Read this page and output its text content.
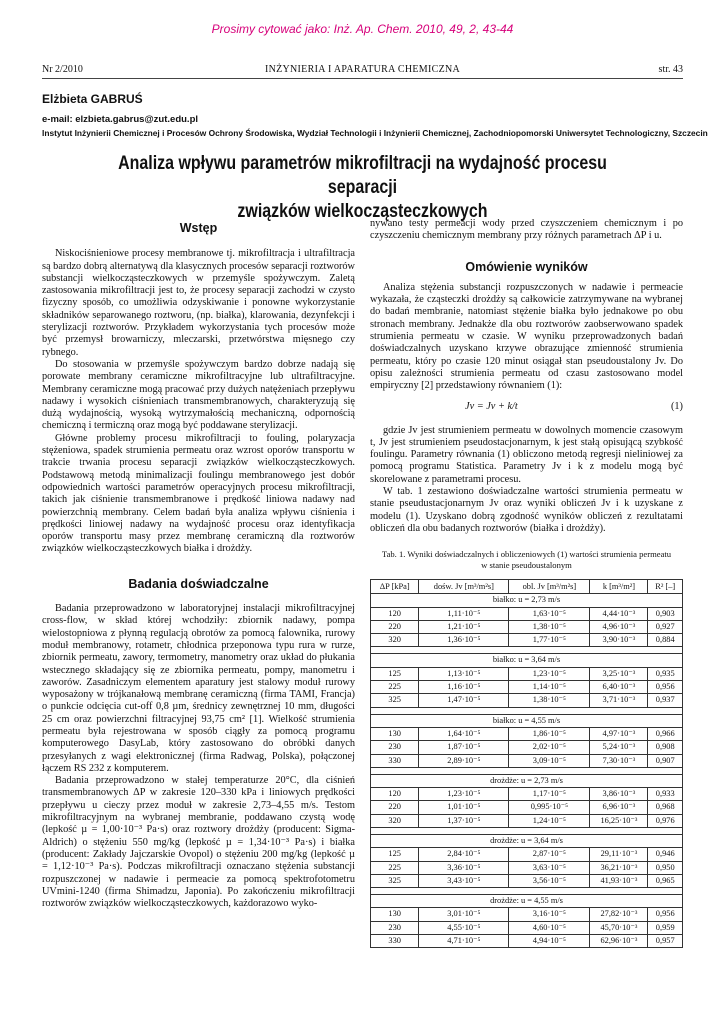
Prosimy cytować jako: Inż. Ap. Chem. 2010, 49, 2, 43-44
Nr 2/2010	INŻYNIERIA I APARATURA CHEMICZNA	str. 43
Elżbieta GABRUŚ
e-mail: elzbieta.gabrus@zut.edu.pl
Instytut Inżynierii Chemicznej i Procesów Ochrony Środowiska, Wydział Technologii i Inżynierii Chemicznej, Zachodniopomorski Uniwersytet Technologiczny, Szczecin
Analiza wpływu parametrów mikrofiltracji na wydajność procesu separacji
związków wielkocząsteczkowych
Wstęp

Niskociśnieniowe procesy membranowe tj. mikrofiltracja i ultrafiltracja są bardzo dobrą alternatywą dla klasycznych procesów separacji roztworów substancji wielkocząsteczkowych w przemyśle spożywczym. Zaletą zastosowania mikrofiltracji jest to, że procesy separacji zachodzi w czysto fizyczny sposób, co umożliwia odzyskiwanie i ponowne wykorzystanie składników separowanego roztworu, (np. białka), klarowania, dezynfekcji i sterylizacji roztworów. Przykładem wykorzystania tych procesów może być przemysł browarniczy, mleczarski, przetwórstwa mięsnego czy rybnego.

Do stosowania w przemyśle spożywczym bardzo dobrze nadają się porowate membrany ceramiczne mikrofiltracyjne lub ultrafiltracyjne. Membrany ceramiczne mogą pracować przy dużych natężeniach przepływu nadawy i wysokich ciśnieniach transmembranowych, charakteryzują się dużą wydajnością, wysoką wytrzymałością mechaniczną, odpornością chemiczną i termiczną oraz mogą być poddawane sterylizacji.

Główne problemy procesu mikrofiltracji to fouling, polaryzacja stężeniowa, spadek strumienia permeatu oraz wzrost oporów transportu w trakcie trwania procesu separacji związków wielkocząsteczkowych. Podstawową metodą minimalizacji foulingu membranowego jest dobór odpowiednich wartości parametrów operacyjnych procesu mikrofiltracji, takich jak ciśnienie transmembranowe i prędkość liniowa nadawy nad powierzchnią membrany. Celem badań była analiza wpływu ciśnienia i prędkości liniowej nadawy na wydajność procesu oraz identyfikacja oporów transportu masy przez membranę ceramiczną dla roztworów związków wielkocząsteczkowych białka i drożdży.

Badania doświadczalne

Badania przeprowadzono w laboratoryjnej instalacji mikrofiltracyjnej cross-flow, w skład której wchodziły: zbiornik nadawy, pompa wielostopniowa z płynną regulacją obrotów za pomocą falownika, rurowy moduł membranowy, rotametr, chłodnica przeponowa typu rura w rurze, zbiornik permeatu, zawory, termometry, manometry oraz układ do płukania wstecznego składający się ze zbiornika permeatu, pompy, manometru i zaworów. Zasadniczym elementem aparatury jest stalowy moduł rurowy wyposażony w trójkanałową membranę ceramiczną (firma TAMI, Francja) o punkcie odcięcia cut-off 0,8 µm, średnicy zewnętrznej 10 mm, długości 25 cm oraz powierzchni filtracyjnej 93,75 cm² [1]. Wielkość strumienia permeatu była rejestrowana w sposób ciągły za pomocą programu komputerowego DasyLab, który zastosowano do obróbki danych przesyłanych z wagi elektronicznej (firma Radwag, Polska), połączonej łączem RS 232 z komputerem.

Badania przeprowadzono w stałej temperaturze 20°C, dla ciśnień transmembranowych ΔP w zakresie 120–330 kPa i liniowych prędkości przepływu u cieczy przez moduł w zakresie 2,73–4,55 m/s. Testom mikrofiltracyjnym na wybranej membranie, poddawano czystą wodę (lepkość µ = 1,00·10⁻³ Pa·s) oraz roztwory drożdży (producent: Sigma-Aldrich) o stężeniu 550 mg/kg (lepkość µ = 1,34·10⁻³ Pa·s) i białka (producent: Zakłady Jajczarskie Ovopol) o stężeniu 200 mg/kg (lepkość µ = 1,12·10⁻³ Pa·s). Podczas mikrofiltracji oznaczano stężenia substancji rozpuszczonej w nadawie i permeacie za pomocą spektrofotometru UVmini-1240 (firma Shimadzu, Japonia). Po zakończeniu mikrofiltracji roztworów związków wielkocząsteczkowych, każdorazowo wyko-

nywano testy permeacji wody przed czyszczeniem chemicznym i po czyszczeniu chemicznym membrany przy różnych parametrach ΔP i u.

Omówienie wyników

Analiza stężenia substancji rozpuszczonych w nadawie i permeacie wykazała, że cząsteczki drożdży są całkowicie zatrzymywane na wybranej do badań membranie, natomiast stężenie białka było jednakowe po obu stronach membrany. Jednakże dla obu roztworów zaobserwowano spadek strumienia permeatu w czasie. W wyniku przeprowadzonych badań doświadczalnych uzyskano krzywe obrazujące zmienność strumienia permeatu, który po czasie 120 minut osiągał stan pseudoustalony Jv. Do opisu zależności strumienia permeatu od czasu zastosowano model empiryczny [2] przedstawiony równaniem (1):

Jv = Jv + k/t	(1)

gdzie Jv jest strumieniem permeatu w dowolnych momencie czasowym t, Jv jest strumieniem pseudostacjonarnym, k jest stałą opisującą szybkość foulingu. Parametry równania (1) obliczono metodą regresji nieliniowej za pomocą programu Statistica. Parametry Jv i k z modelu mogą być skorelowane z parametrami procesu.

W tab. 1 zestawiono doświadczalne wartości strumienia permeatu w stanie pseudustacjonarnym Jv oraz wyniki obliczeń Jv i k uzyskane z modelu (1). Uzyskano dobrą zgodność wyników obliczeń z rezultatami obliczeń dla obu badanych roztworów (białka i drożdży).

Tab. 1. Wyniki doświadczalnych i obliczeniowych (1) wartości strumienia permeatu
w stanie pseudoustalonym
ΔP [kPa]	dośw. Jv [m³/m²s]	obl. Jv [m³/m²s]	k [m³/m²]	R² [–]
białko: u = 2,73 m/s				
120	1,11·10⁻⁵	1,63·10⁻⁵	4,44·10⁻³	0,903
220	1,21·10⁻⁵	1,38·10⁻⁵	4,96·10⁻³	0,927
320	1,36·10⁻⁵	1,77·10⁻⁵	3,90·10⁻³	0,884

białko: u = 3,64 m/s				
125	1,13·10⁻⁵	1,23·10⁻⁵	3,25·10⁻³	0,935
225	1,16·10⁻⁵	1,14·10⁻⁵	6,40·10⁻³	0,956
325	1,47·10⁻⁵	1,38·10⁻⁵	3,71·10⁻³	0,937

białko: u = 4,55 m/s				
130	1,64·10⁻⁵	1,86·10⁻⁵	4,97·10⁻³	0,966
230	1,87·10⁻⁵	2,02·10⁻⁵	5,24·10⁻³	0,908
330	2,89·10⁻⁵	3,09·10⁻⁵	7,30·10⁻³	0,907

drożdże: u = 2,73 m/s				
120	1,23·10⁻⁵	1,17·10⁻⁵	3,86·10⁻³	0,933
220	1,01·10⁻⁵	0,995·10⁻⁵	6,96·10⁻³	0,968
320	1,37·10⁻⁵	1,24·10⁻⁵	16,25·10⁻³	0,976

drożdże: u = 3,64 m/s				
125	2,84·10⁻⁵	2,87·10⁻⁵	29,11·10⁻³	0,946
225	3,36·10⁻⁵	3,63·10⁻⁵	36,21·10⁻³	0,950
325	3,43·10⁻⁵	3,56·10⁻⁵	41,93·10⁻³	0,965

drożdże: u = 4,55 m/s				
130	3,01·10⁻⁵	3,16·10⁻⁵	27,82·10⁻³	0,956
230	4,55·10⁻⁵	4,60·10⁻⁵	45,70·10⁻³	0,959
330	4,71·10⁻⁵	4,94·10⁻⁵	62,96·10⁻³	0,957
